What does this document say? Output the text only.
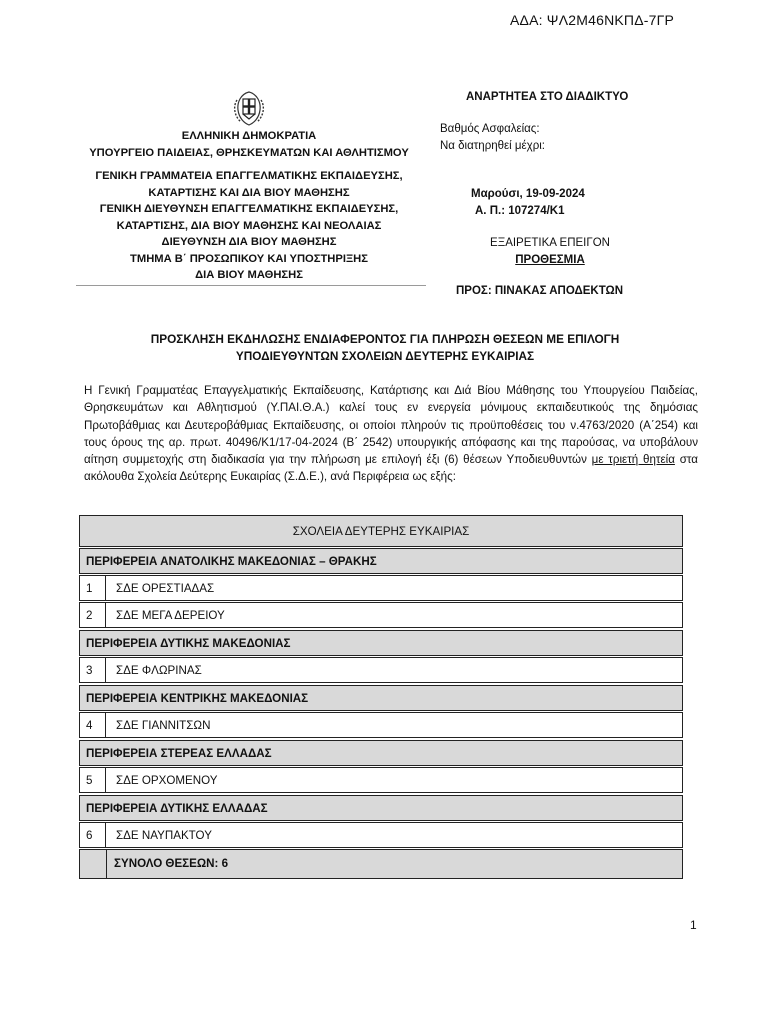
ΑΔΑ: ΨΛ2Μ46ΝΚΠΔ-7ΓΡ
ΕΛΛΗΝΙΚΗ ΔΗΜΟΚΡΑΤΙΑ
ΥΠΟΥΡΓΕΙΟ ΠΑΙΔΕΙΑΣ, ΘΡΗΣΚΕΥΜΑΤΩΝ ΚΑΙ ΑΘΛΗΤΙΣΜΟΥ
ΓΕΝΙΚΗ ΓΡΑΜΜΑΤΕΙΑ ΕΠΑΓΓΕΛΜΑΤΙΚΗΣ ΕΚΠΑΙΔΕΥΣΗΣ,
ΚΑΤΑΡΤΙΣΗΣ ΚΑΙ ΔΙΑ ΒΙΟΥ ΜΑΘΗΣΗΣ
ΓΕΝΙΚΗ ΔΙΕΥΘΥΝΣΗ ΕΠΑΓΓΕΛΜΑΤΙΚΗΣ ΕΚΠΑΙΔΕΥΣΗΣ,
ΚΑΤΑΡΤΙΣΗΣ, ΔΙΑ ΒΙΟΥ ΜΑΘΗΣΗΣ ΚΑΙ ΝΕΟΛΑΙΑΣ
ΔΙΕΥΘΥΝΣΗ ΔΙΑ ΒΙΟΥ ΜΑΘΗΣΗΣ
ΤΜΗΜΑ Β΄ ΠΡΟΣΩΠΙΚΟΥ ΚΑΙ ΥΠΟΣΤΗΡΙΞΗΣ
ΔΙΑ ΒΙΟΥ ΜΑΘΗΣΗΣ
ΑΝΑΡΤΗΤΕΑ ΣΤΟ ΔΙΑΔΙΚΤΥΟ
Βαθμός Ασφαλείας:
Να διατηρηθεί μέχρι:
Μαρούσι, 19-09-2024
Α. Π.: 107274/Κ1
ΕΞΑΙΡΕΤΙΚΑ ΕΠΕΙΓΟΝ
ΠΡΟΘΕΣΜΙΑ
ΠΡΟΣ: ΠΙΝΑΚΑΣ ΑΠΟΔΕΚΤΩΝ
ΠΡΟΣΚΛΗΣΗ ΕΚΔΗΛΩΣΗΣ ΕΝΔΙΑΦΕΡΟΝΤΟΣ ΓΙΑ ΠΛΗΡΩΣΗ ΘΕΣΕΩΝ ΜΕ ΕΠΙΛΟΓΗ
ΥΠΟΔΙΕΥΘΥΝΤΩΝ ΣΧΟΛΕΙΩΝ ΔΕΥΤΕΡΗΣ ΕΥΚΑΙΡΙΑΣ
Η Γενική Γραμματέας Επαγγελματικής Εκπαίδευσης, Κατάρτισης και Διά Βίου Μάθησης του Υπουργείου Παιδείας, Θρησκευμάτων και Αθλητισμού (Υ.ΠΑΙ.Θ.Α.) καλεί τους εν ενεργεία μόνιμους εκπαιδευτικούς της δημόσιας Πρωτοβάθμιας και Δευτεροβάθμιας Εκπαίδευσης, οι οποίοι πληρούν τις προϋποθέσεις του ν.4763/2020 (Α΄254) και τους όρους της αρ. πρωτ. 40496/Κ1/17-04-2024 (Β΄ 2542) υπουργικής απόφασης και της παρούσας, να υποβάλουν αίτηση συμμετοχής στη διαδικασία για την πλήρωση με επιλογή έξι (6) θέσεων Υποδιευθυντών με τριετή θητεία στα ακόλουθα Σχολεία Δεύτερης Ευκαιρίας (Σ.Δ.Ε.), ανά Περιφέρεια ως εξής:
ΣΧΟΛΕΙΑ ΔΕΥΤΕΡΗΣ ΕΥΚΑΙΡΙΑΣ
ΠΕΡΙΦΕΡΕΙΑ ΑΝΑΤΟΛΙΚΗΣ ΜΑΚΕΔΟΝΙΑΣ – ΘΡΑΚΗΣ
1	ΣΔΕ ΟΡΕΣΤΙΑΔΑΣ
2	ΣΔΕ ΜΕΓΑ ΔΕΡΕΙΟΥ
ΠΕΡΙΦΕΡΕΙΑ ΔΥΤΙΚΗΣ ΜΑΚΕΔΟΝΙΑΣ
3	ΣΔΕ ΦΛΩΡΙΝΑΣ
ΠΕΡΙΦΕΡΕΙΑ ΚΕΝΤΡΙΚΗΣ ΜΑΚΕΔΟΝΙΑΣ
4	ΣΔΕ ΓΙΑΝΝΙΤΣΩΝ
ΠΕΡΙΦΕΡΕΙΑ ΣΤΕΡΕΑΣ ΕΛΛΑΔΑΣ
5	ΣΔΕ ΟΡΧΟΜΕΝΟΥ
ΠΕΡΙΦΕΡΕΙΑ ΔΥΤΙΚΗΣ ΕΛΛΑΔΑΣ
6	ΣΔΕ ΝΑΥΠΑΚΤΟΥ
ΣΥΝΟΛΟ ΘΕΣΕΩΝ: 6
1
